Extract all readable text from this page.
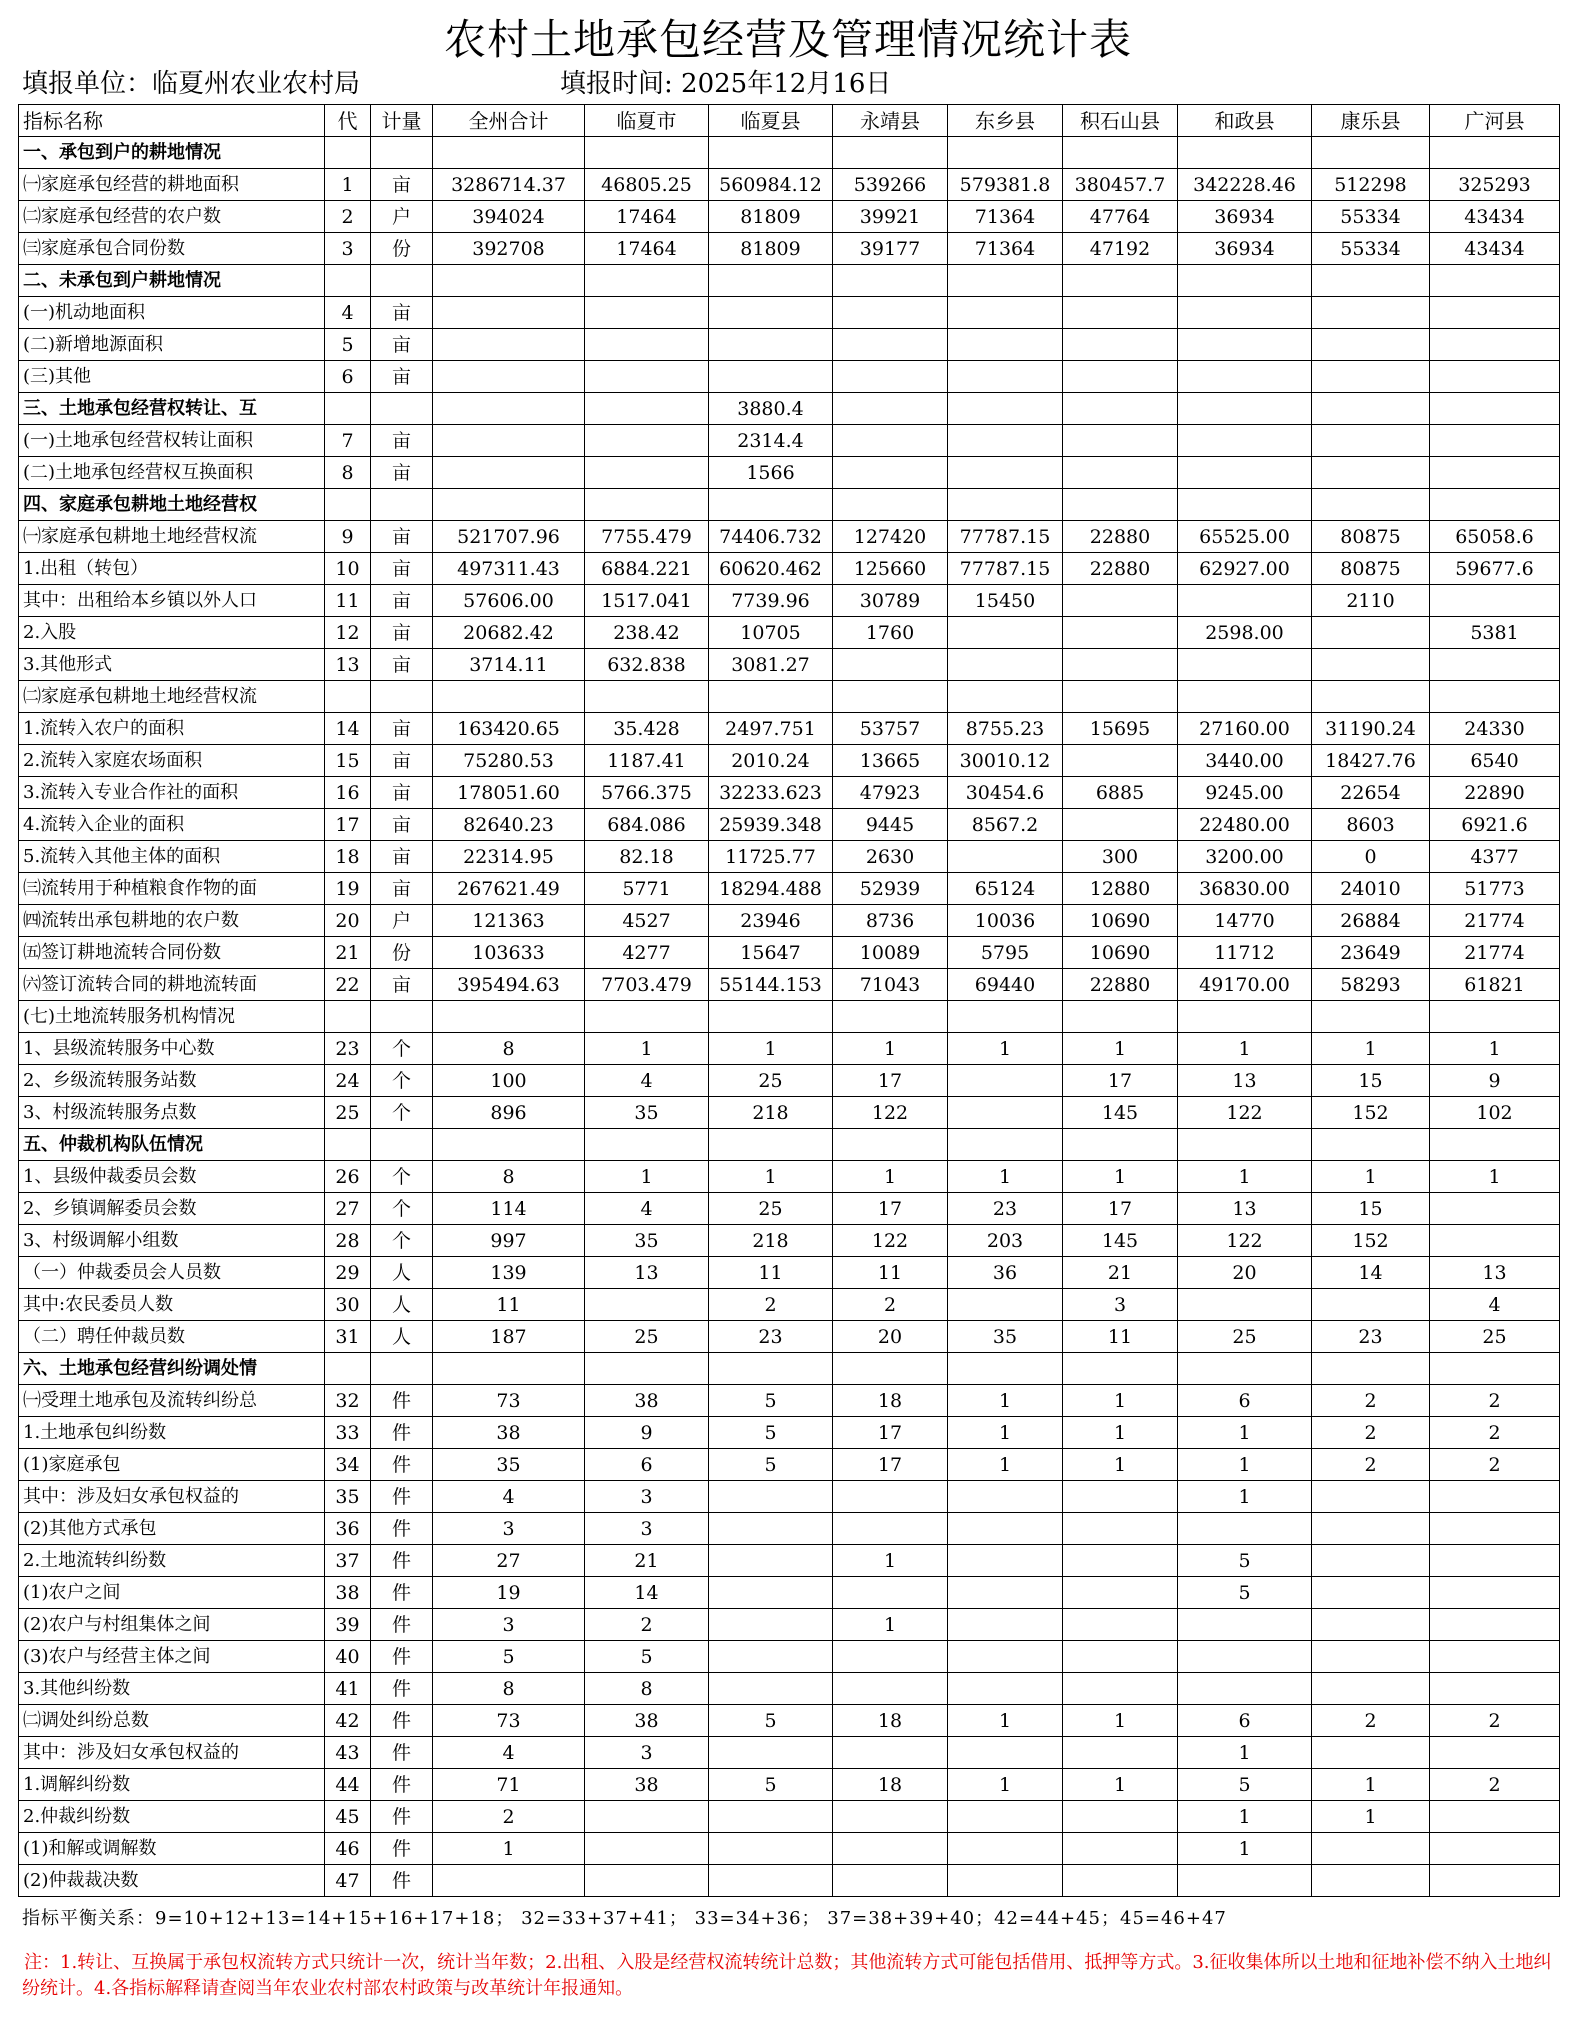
农村土地承包经营及管理情况统计表
填报单位：临夏州农业农村局	填报时间: 2025年12月16日
指标名称	代	计量	全州合计	临夏市	临夏县	永靖县	东乡县	积石山县	和政县	康乐县	广河县
一、承包到户的耕地情况											
㈠家庭承包经营的耕地面积	1	亩	3286714.37	46805.25	560984.12	539266	579381.8	380457.7	342228.46	512298	325293
㈡家庭承包经营的农户数	2	户	394024	17464	81809	39921	71364	47764	36934	55334	43434
㈢家庭承包合同份数	3	份	392708	17464	81809	39177	71364	47192	36934	55334	43434
二、未承包到户耕地情况											
(一)机动地面积	4	亩									
(二)新增地源面积	5	亩									
(三)其他	6	亩									
三、土地承包经营权转让、互					3880.4						
(一)土地承包经营权转让面积	7	亩			2314.4						
(二)土地承包经营权互换面积	8	亩			1566						
四、家庭承包耕地土地经营权											
㈠家庭承包耕地土地经营权流	9	亩	521707.96	7755.479	74406.732	127420	77787.15	22880	65525.00	80875	65058.6
1.出租（转包）	10	亩	497311.43	6884.221	60620.462	125660	77787.15	22880	62927.00	80875	59677.6
其中：出租给本乡镇以外人口	11	亩	57606.00	1517.041	7739.96	30789	15450			2110	
2.入股	12	亩	20682.42	238.42	10705	1760			2598.00		5381
3.其他形式	13	亩	3714.11	632.838	3081.27						
㈡家庭承包耕地土地经营权流											
1.流转入农户的面积	14	亩	163420.65	35.428	2497.751	53757	8755.23	15695	27160.00	31190.24	24330
2.流转入家庭农场面积	15	亩	75280.53	1187.41	2010.24	13665	30010.12		3440.00	18427.76	6540
3.流转入专业合作社的面积	16	亩	178051.60	5766.375	32233.623	47923	30454.6	6885	9245.00	22654	22890
4.流转入企业的面积	17	亩	82640.23	684.086	25939.348	9445	8567.2		22480.00	8603	6921.6
5.流转入其他主体的面积	18	亩	22314.95	82.18	11725.77	2630		300	3200.00	0	4377
㈢流转用于种植粮食作物的面	19	亩	267621.49	5771	18294.488	52939	65124	12880	36830.00	24010	51773
㈣流转出承包耕地的农户数	20	户	121363	4527	23946	8736	10036	10690	14770	26884	21774
㈤签订耕地流转合同份数	21	份	103633	4277	15647	10089	5795	10690	11712	23649	21774
㈥签订流转合同的耕地流转面	22	亩	395494.63	7703.479	55144.153	71043	69440	22880	49170.00	58293	61821
(七)土地流转服务机构情况											
1、县级流转服务中心数	23	个	8	1	1	1	1	1	1	1	1
2、乡级流转服务站数	24	个	100	4	25	17		17	13	15	9
3、村级流转服务点数	25	个	896	35	218	122		145	122	152	102
五、仲裁机构队伍情况											
1、县级仲裁委员会数	26	个	8	1	1	1	1	1	1	1	1
2、乡镇调解委员会数	27	个	114	4	25	17	23	17	13	15	
3、村级调解小组数	28	个	997	35	218	122	203	145	122	152	
（一）仲裁委员会人员数	29	人	139	13	11	11	36	21	20	14	13
其中:农民委员人数	30	人	11		2	2		3			4
（二）聘任仲裁员数	31	人	187	25	23	20	35	11	25	23	25
六、土地承包经营纠纷调处情											
㈠受理土地承包及流转纠纷总	32	件	73	38	5	18	1	1	6	2	2
1.土地承包纠纷数	33	件	38	9	5	17	1	1	1	2	2
(1)家庭承包	34	件	35	6	5	17	1	1	1	2	2
其中：涉及妇女承包权益的	35	件	4	3					1		
(2)其他方式承包	36	件	3	3							
2.土地流转纠纷数	37	件	27	21		1			5		
(1)农户之间	38	件	19	14					5		
(2)农户与村组集体之间	39	件	3	2		1					
(3)农户与经营主体之间	40	件	5	5							
3.其他纠纷数	41	件	8	8							
㈡调处纠纷总数	42	件	73	38	5	18	1	1	6	2	2
其中：涉及妇女承包权益的	43	件	4	3					1		
1.调解纠纷数	44	件	71	38	5	18	1	1	5	1	2
2.仲裁纠纷数	45	件	2						1	1	
(1)和解或调解数	46	件	1						1		
(2)仲裁裁决数	47	件									
指标平衡关系：9=10+12+13=14+15+16+17+18； 32=33+37+41； 33=34+36； 37=38+39+40；42=44+45；45=46+47
注：1.转让、互换属于承包权流转方式只统计一次，统计当年数；2.出租、入股是经营权流转统计总数；其他流转方式可能包括借用、抵押等方式。3.征收集体所以土地和征地补偿不纳入土地纠纷统计。4.各指标解释请查阅当年农业农村部农村政策与改革统计年报通知。
